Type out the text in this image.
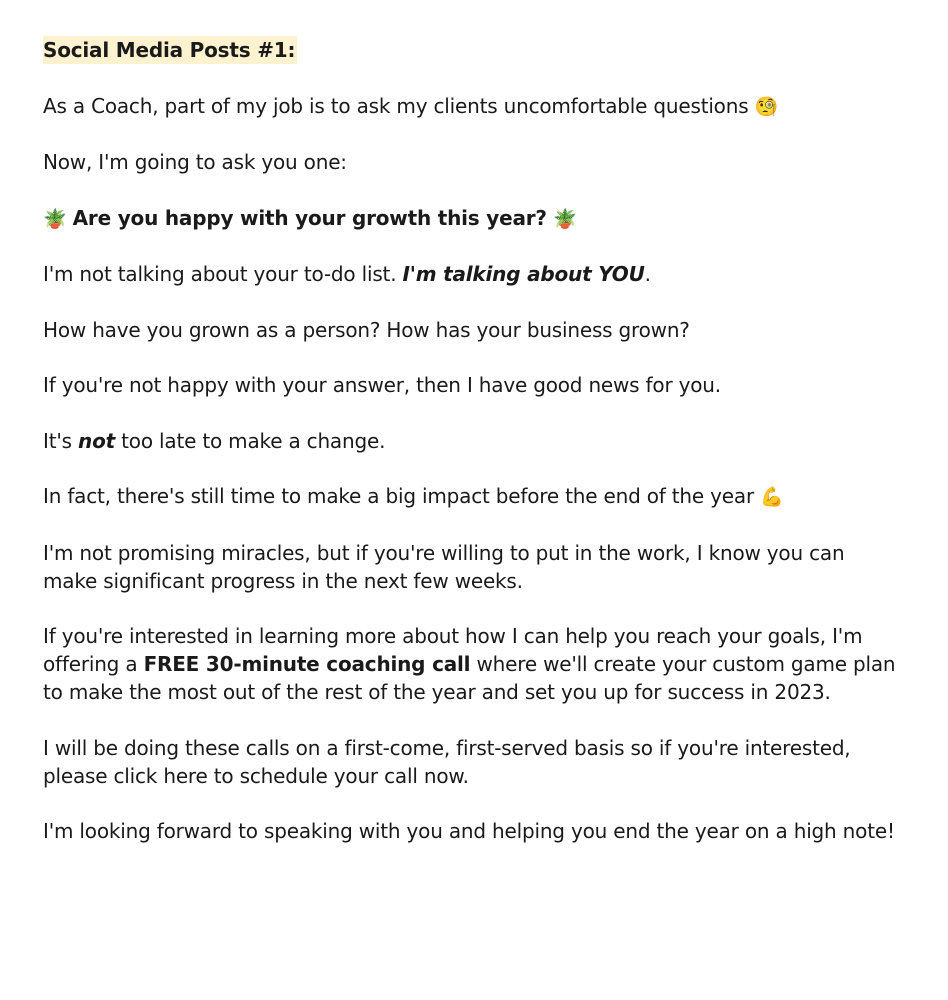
Social Media Posts #1:

As a Coach, part of my job is to ask my clients uncomfortable questions 🧐

Now, I'm going to ask you one:

🪴 Are you happy with your growth this year? 🪴

I'm not talking about your to-do list. I'm talking about YOU.

How have you grown as a person? How has your business grown?

If you're not happy with your answer, then I have good news for you.

It's not too late to make a change.

In fact, there's still time to make a big impact before the end of the year 💪

I'm not promising miracles, but if you're willing to put in the work, I know you can make significant progress in the next few weeks.

If you're interested in learning more about how I can help you reach your goals, I'm offering a FREE 30-minute coaching call where we'll create your custom game plan to make the most out of the rest of the year and set you up for success in 2023.

I will be doing these calls on a first-come, first-served basis so if you're interested, please click here to schedule your call now.

I'm looking forward to speaking with you and helping you end the year on a high note!
